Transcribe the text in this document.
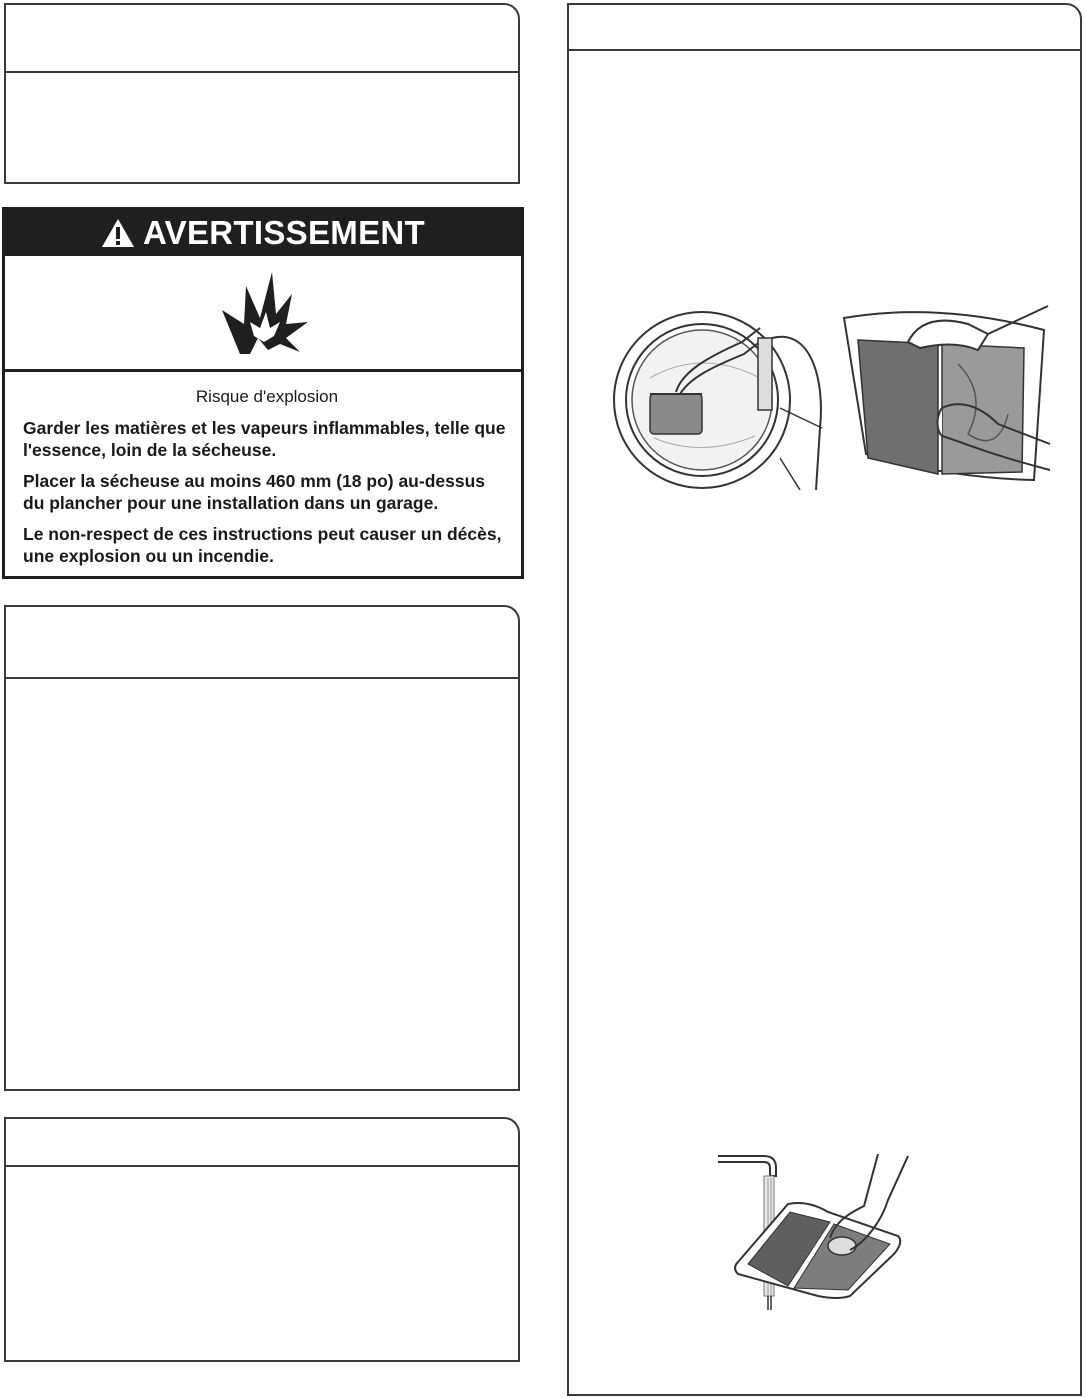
AVERTISSEMENT
Risque d'explosion

Garder les matières et les vapeurs inflammables, telle que l'essence, loin de la sécheuse.

Placer la sécheuse au moins 460 mm (18 po) au-dessus du plancher pour une installation dans un garage.

Le non-respect de ces instructions peut causer un décès, une explosion ou un incendie.
